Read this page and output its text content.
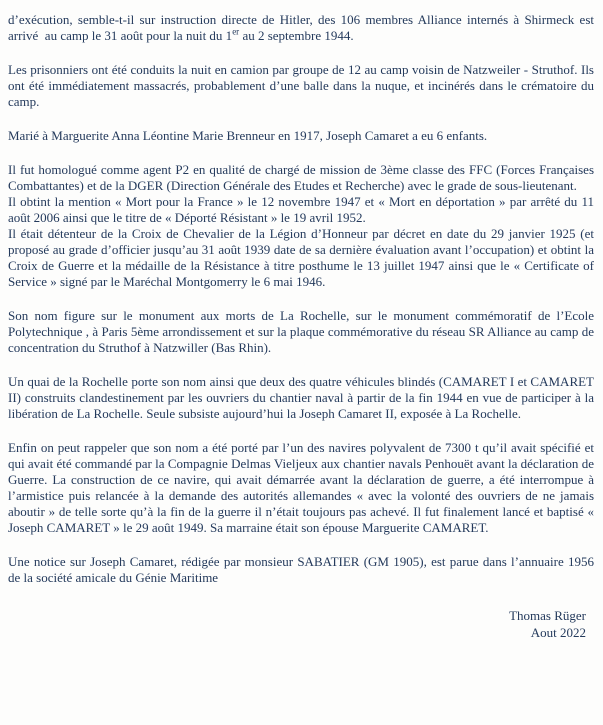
d’exécution, semble-t-il sur instruction directe de Hitler, des 106 membres Alliance internés à Shirmeck est arrivé  au camp le 31 août pour la nuit du 1er au 2 septembre 1944.

Les prisonniers ont été conduits la nuit en camion par groupe de 12 au camp voisin de Natzweiler - Struthof. Ils ont été immédiatement massacrés, probablement d’une balle dans la nuque, et incinérés dans le crématoire du camp.

Marié à Marguerite Anna Léontine Marie Brenneur en 1917, Joseph Camaret a eu 6 enfants.

Il fut homologué comme agent P2 en qualité de chargé de mission de 3ème classe des FFC (Forces Françaises Combattantes) et de la DGER (Direction Générale des Etudes et Recherche) avec le grade de sous-lieutenant.

Il obtint la mention « Mort pour la France » le 12 novembre 1947 et « Mort en déportation » par arrêté du 11 août 2006 ainsi que le titre de « Déporté Résistant » le 19 avril 1952.

Il était détenteur de la Croix de Chevalier de la Légion d’Honneur par décret en date du 29 janvier 1925 (et proposé au grade d’officier jusqu’au 31 août 1939 date de sa dernière évaluation avant l’occupation) et obtint la Croix de Guerre et la médaille de la Résistance à titre posthume le 13 juillet 1947 ainsi que le « Certificate of Service » signé par le Maréchal Montgomerry le 6 mai 1946.

Son nom figure sur le monument aux morts de La Rochelle, sur le monument commémoratif de l’Ecole Polytechnique , à Paris 5ème arrondissement et sur la plaque commémorative du réseau SR Alliance au camp de concentration du Struthof à Natzwiller (Bas Rhin).

Un quai de la Rochelle porte son nom ainsi que deux des quatre véhicules blindés (CAMARET I et CAMARET II) construits clandestinement par les ouvriers du chantier naval à partir de la fin 1944 en vue de participer à la libération de La Rochelle. Seule subsiste aujourd’hui la Joseph Camaret II, exposée à La Rochelle.

Enfin on peut rappeler que son nom a été porté par l’un des navires polyvalent de 7300 t qu’il avait spécifié et qui avait été commandé par la Compagnie Delmas Vieljeux aux chantier navals Penhouët avant la déclaration de Guerre. La construction de ce navire, qui avait démarrée avant la déclaration de guerre, a été interrompue à l’armistice puis relancée à la demande des autorités allemandes « avec la volonté des ouvriers de ne jamais aboutir » de telle sorte qu’à la fin de la guerre il n’était toujours pas achevé. Il fut finalement lancé et baptisé « Joseph CAMARET » le 29 août 1949. Sa marraine était son épouse Marguerite CAMARET.

Une notice sur Joseph Camaret, rédigée par monsieur SABATIER (GM 1905), est parue dans l’annuaire 1956 de la société amicale du Génie Maritime

Thomas Rüger

Aout 2022
